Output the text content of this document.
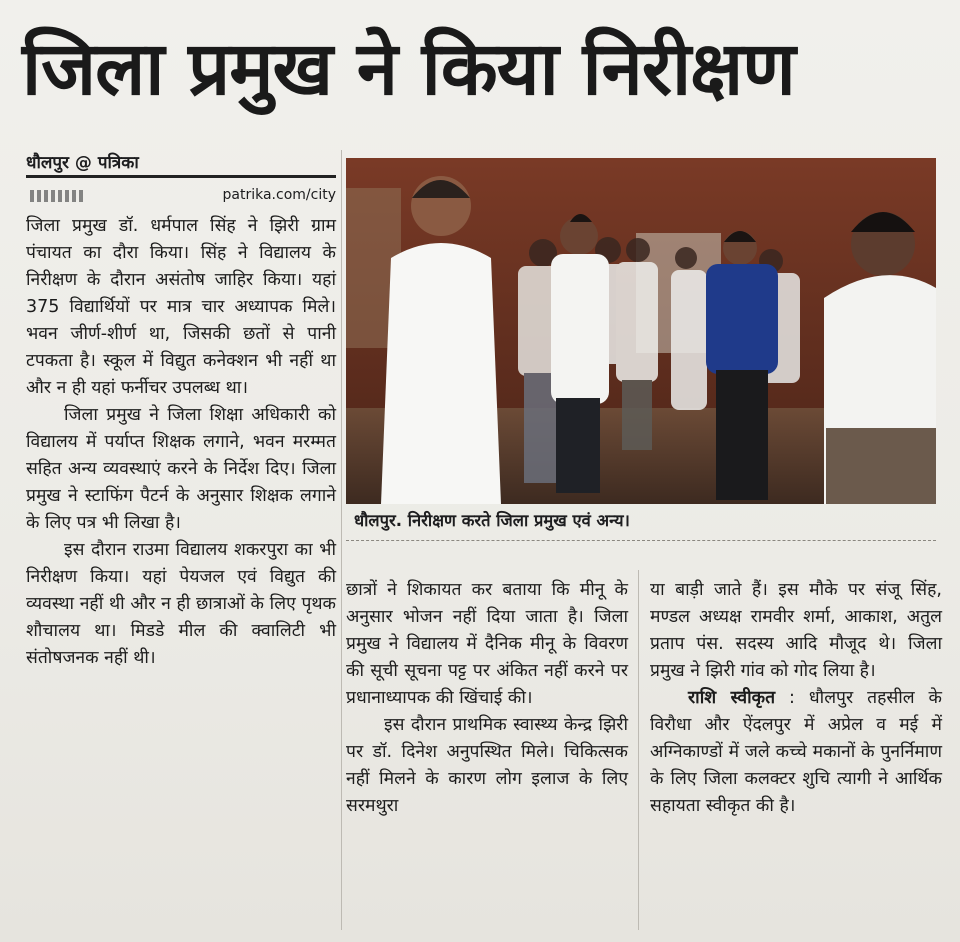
जिला प्रमुख ने किया निरीक्षण
धौलपुर @ पत्रिका
patrika.com/city

जिला प्रमुख डॉ. धर्मपाल सिंह ने झिरी ग्राम पंचायत का दौरा किया। सिंह ने विद्यालय के निरीक्षण के दौरान असंतोष जाहिर किया। यहां 375 विद्यार्थियों पर मात्र चार अध्यापक मिले। भवन जीर्ण-शीर्ण था, जिसकी छतों से पानी टपकता है। स्कूल में विद्युत कनेक्शन भी नहीं था और न ही यहां फर्नीचर उपलब्ध था।

जिला प्रमुख ने जिला शिक्षा अधिकारी को विद्यालय में पर्याप्त शिक्षक लगाने, भवन मरम्मत सहित अन्य व्यवस्थाएं करने के निर्देश दिए। जिला प्रमुख ने स्टाफिंग पैटर्न के अनुसार शिक्षक लगाने के लिए पत्र भी लिखा है।

इस दौरान राउमा विद्यालय शकरपुरा का भी निरीक्षण किया। यहां पेयजल एवं विद्युत की व्यवस्था नहीं थी और न ही छात्राओं के लिए पृथक शौचालय था। मिडडे मील की क्वालिटी भी संतोषजनक नहीं थी।

धौलपुर. निरीक्षण करते जिला प्रमुख एवं अन्य।

छात्रों ने शिकायत कर बताया कि मीनू के अनुसार भोजन नहीं दिया जाता है। जिला प्रमुख ने विद्यालय में दैनिक मीनू के विवरण की सूची सूचना पट्ट पर अंकित नहीं करने पर प्रधानाध्यापक की खिंचाई की।

इस दौरान प्राथमिक स्वास्थ्य केन्द्र झिरी पर डॉ. दिनेश अनुपस्थित मिले। चिकित्सक नहीं मिलने के कारण लोग इलाज के लिए सरमथुरा

या बाड़ी जाते हैं। इस मौके पर संजू सिंह, मण्डल अध्यक्ष रामवीर शर्मा, आकाश, अतुल प्रताप पंस. सदस्य आदि मौजूद थे। जिला प्रमुख ने झिरी गांव को गोद लिया है।

राशि स्वीकृत : धौलपुर तहसील के विरौधा और ऐंदलपुर में अप्रेल व मई में अग्निकाण्डों में जले कच्चे मकानों के पुनर्निमाण के लिए जिला कलक्टर शुचि त्यागी ने आर्थिक सहायता स्वीकृत की है।
